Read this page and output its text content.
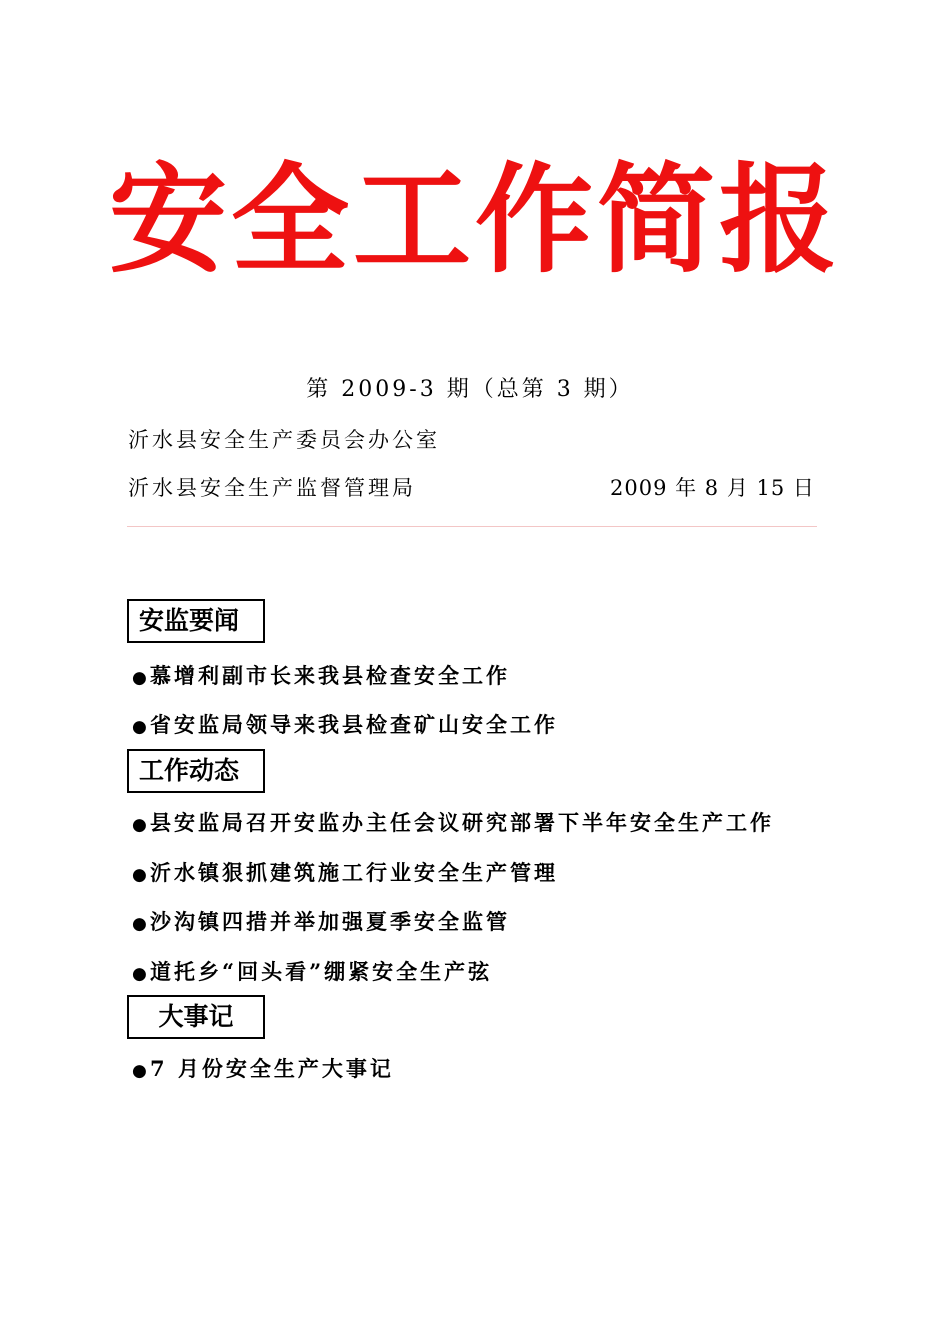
安全工作简报
第 2009-3 期（总第 3 期）
沂水县安全生产委员会办公室
沂水县安全生产监督管理局	2009 年 8 月 15 日
安监要闻
● 慕增利副市长来我县检查安全工作
● 省安监局领导来我县检查矿山安全工作
工作动态
● 县安监局召开安监办主任会议研究部署下半年安全生产工作
● 沂水镇狠抓建筑施工行业安全生产管理
● 沙沟镇四措并举加强夏季安全监管
● 道托乡“回头看”绷紧安全生产弦
大事记
● 7 月份安全生产大事记
